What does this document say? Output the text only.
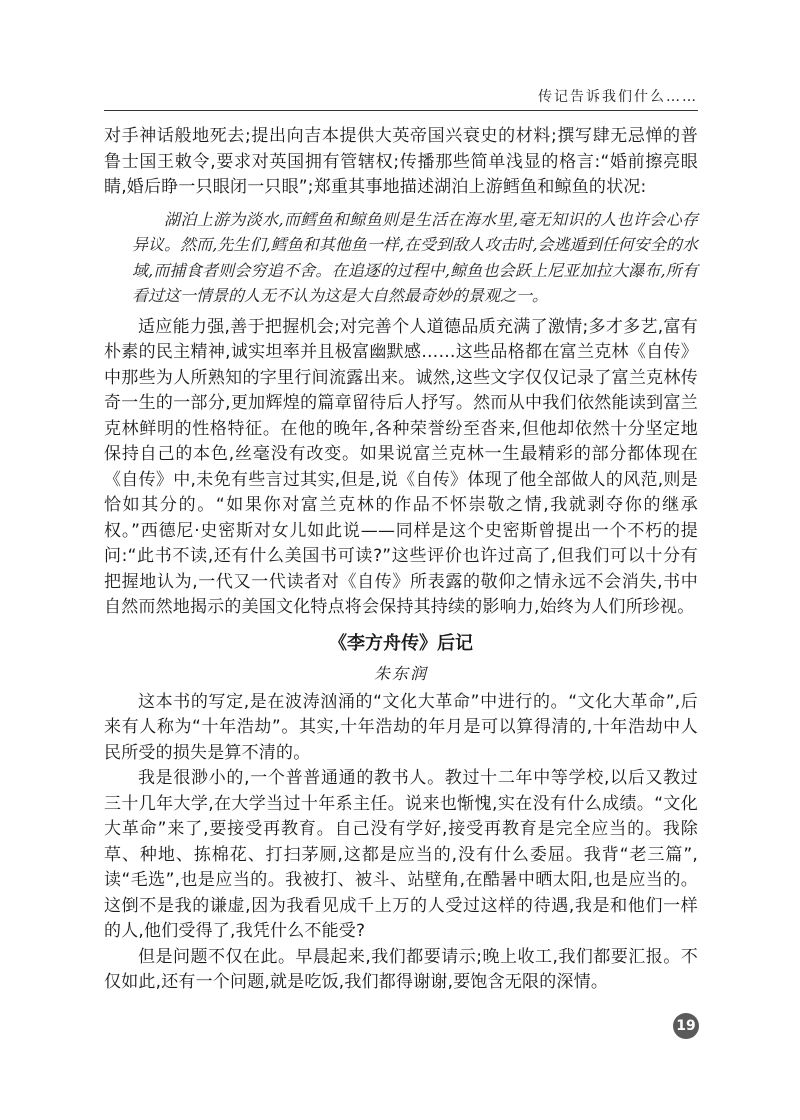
传记告诉我们什么……

对手神话般地死去;提出向吉本提供大英帝国兴衰史的材料;撰写肆无忌惮的普鲁士国王敕令,要求对英国拥有管辖权;传播那些简单浅显的格言:“婚前擦亮眼睛,婚后睁一只眼闭一只眼”;郑重其事地描述湖泊上游鳕鱼和鲸鱼的状况:

湖泊上游为淡水,而鳕鱼和鲸鱼则是生活在海水里,毫无知识的人也许会心存异议。然而,先生们,鳕鱼和其他鱼一样,在受到敌人攻击时,会逃遁到任何安全的水域,而捕食者则会穷追不舍。在追逐的过程中,鲸鱼也会跃上尼亚加拉大瀑布,所有看过这一情景的人无不认为这是大自然最奇妙的景观之一。

适应能力强,善于把握机会;对完善个人道德品质充满了激情;多才多艺,富有朴素的民主精神,诚实坦率并且极富幽默感……这些品格都在富兰克林《自传》中那些为人所熟知的字里行间流露出来。诚然,这些文字仅仅记录了富兰克林传奇一生的一部分,更加辉煌的篇章留待后人抒写。然而从中我们依然能读到富兰克林鲜明的性格特征。在他的晚年,各种荣誉纷至沓来,但他却依然十分坚定地保持自己的本色,丝毫没有改变。如果说富兰克林一生最精彩的部分都体现在《自传》中,未免有些言过其实,但是,说《自传》体现了他全部做人的风范,则是恰如其分的。“如果你对富兰克林的作品不怀崇敬之情,我就剥夺你的继承权。”西德尼·史密斯对女儿如此说——同样是这个史密斯曾提出一个不朽的提问:“此书不读,还有什么美国书可读?”这些评价也许过高了,但我们可以十分有把握地认为,一代又一代读者对《自传》所表露的敬仰之情永远不会消失,书中自然而然地揭示的美国文化特点将会保持其持续的影响力,始终为人们所珍视。

《李方舟传》后记
朱东润

这本书的写定,是在波涛汹涌的“文化大革命”中进行的。“文化大革命”,后来有人称为“十年浩劫”。其实,十年浩劫的年月是可以算得清的,十年浩劫中人民所受的损失是算不清的。

我是很渺小的,一个普普通通的教书人。教过十二年中等学校,以后又教过三十几年大学,在大学当过十年系主任。说来也惭愧,实在没有什么成绩。“文化大革命”来了,要接受再教育。自己没有学好,接受再教育是完全应当的。我除草、种地、拣棉花、打扫茅厕,这都是应当的,没有什么委屈。我背“老三篇”,读“毛选”,也是应当的。我被打、被斗、站壁角,在酷暑中晒太阳,也是应当的。这倒不是我的谦虚,因为我看见成千上万的人受过这样的待遇,我是和他们一样的人,他们受得了,我凭什么不能受?

但是问题不仅在此。早晨起来,我们都要请示;晚上收工,我们都要汇报。不仅如此,还有一个问题,就是吃饭,我们都得谢谢,要饱含无限的深情。

19
